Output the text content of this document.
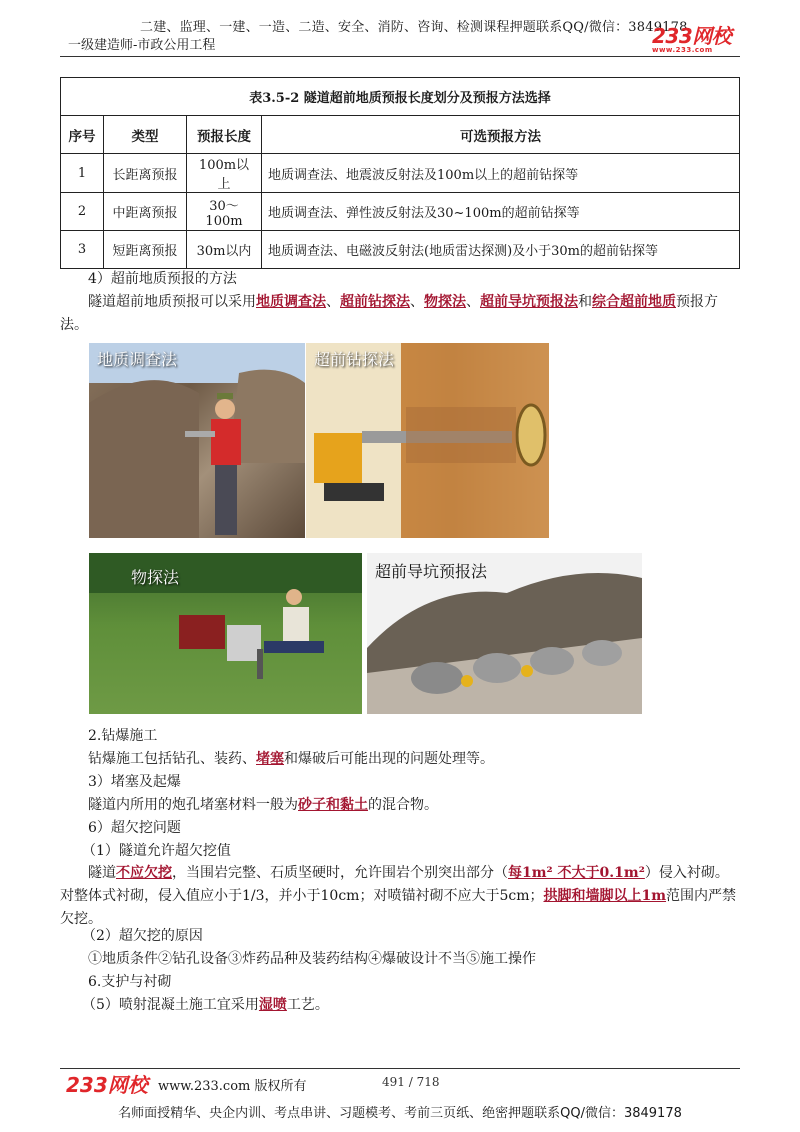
二建、监理、一建、一造、二造、安全、消防、咨询、检测课程押题联系QQ/微信：3849178
一级建造师-市政公用工程	233网校
www.233.com
表3.5-2 隧道超前地质预报长度划分及预报方法选择			
序号	类型	预报长度	可选预报方法
1	长距离预报	100m以上	地质调查法、地震波反射法及100m以上的超前钻探等
2	中距离预报	30～100m	地质调查法、弹性波反射法及30~100m的超前钻探等
3	短距离预报	30m以内	地质调查法、电磁波反射法(地质雷达探测)及小于30m的超前钻探等
4）超前地质预报的方法
隧道超前地质预报可以采用地质调查法、超前钻探法、物探法、超前导坑预报法和综合超前地质预报方法。
地质调查法	超前钻探法
物探法	超前导坑预报法
2.钻爆施工
钻爆施工包括钻孔、装药、堵塞和爆破后可能出现的问题处理等。
3）堵塞及起爆
隧道内所用的炮孔堵塞材料一般为砂子和黏土的混合物。
6）超欠挖问题
（1）隧道允许超欠挖值
隧道不应欠挖，当围岩完整、石质坚硬时，允许围岩个别突出部分（每1m² 不大于0.1m²）侵入衬砌。对整体式衬砌，侵入值应小于1/3，并小于10cm；对喷锚衬砌不应大于5cm；拱脚和墙脚以上1m范围内严禁欠挖。
（2）超欠挖的原因
①地质条件②钻孔设备③炸药品种及装药结构④爆破设计不当⑤施工操作
6.支护与衬砌
（5）喷射混凝土施工宜采用湿喷工艺。
233网校 www.233.com 版权所有	491 / 718
名师面授精华、央企内训、考点串讲、习题模考、考前三页纸、绝密押题联系QQ/微信：3849178
